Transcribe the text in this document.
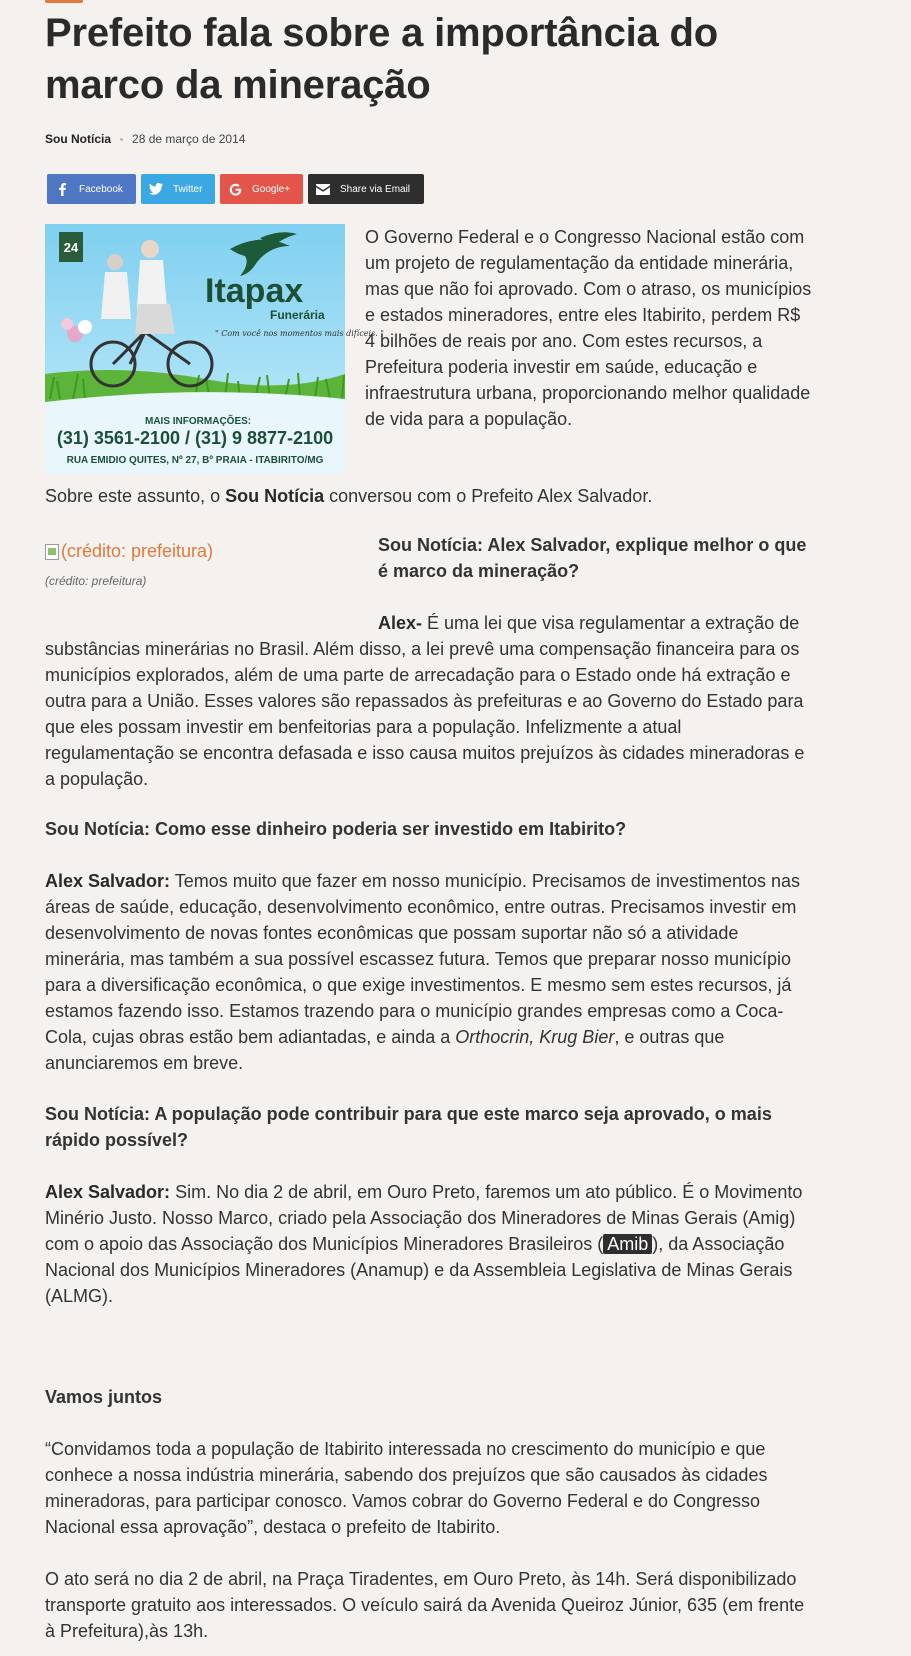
Prefeito fala sobre a importância do marco da mineração
Sou Notícia 28 de março de 2014
Facebook	Twitter	Google+	Share via Email
24
Itapax
Funerária
" Com você nos momentos mais difíceis. "
MAIS INFORMAÇÕES:
(31) 3561-2100 / (31) 9 8877-2100
RUA EMIDIO QUITES, Nº 27, Bº PRAIA - ITABIRITO/MG

O Governo Federal e o Congresso Nacional estão com um projeto de regulamentação da entidade minerária, mas que não foi aprovado. Com o atraso, os municípios e estados mineradores, entre eles Itabirito, perdem R$ 4 bilhões de reais por ano. Com estes recursos, a Prefeitura poderia investir em saúde, educação e infraestrutura urbana, proporcionando melhor qualidade de vida para a população.

Sobre este assunto, o Sou Notícia conversou com o Prefeito Alex Salvador.

(crédito: prefeitura)
(crédito: prefeitura)

Sou Notícia: Alex Salvador, explique melhor o que é marco da mineração?

Alex- É uma lei que visa regulamentar a extração de substâncias minerárias no Brasil. Além disso, a lei prevê uma compensação financeira para os municípios explorados, além de uma parte de arrecadação para o Estado onde há extração e outra para a União. Esses valores são repassados às prefeituras e ao Governo do Estado para que eles possam investir em benfeitorias para a população. Infelizmente a atual regulamentação se encontra defasada e isso causa muitos prejuízos às cidades mineradoras e a população.

Sou Notícia: Como esse dinheiro poderia ser investido em Itabirito?

Alex Salvador: Temos muito que fazer em nosso município. Precisamos de investimentos nas áreas de saúde, educação, desenvolvimento econômico, entre outras. Precisamos investir em desenvolvimento de novas fontes econômicas que possam suportar não só a atividade minerária, mas também a sua possível escassez futura. Temos que preparar nosso município para a diversificação econômica, o que exige investimentos. E mesmo sem estes recursos, já estamos fazendo isso. Estamos trazendo para o município grandes empresas como a Coca-Cola, cujas obras estão bem adiantadas, e ainda a Orthocrin, Krug Bier, e outras que anunciaremos em breve.

Sou Notícia: A população pode contribuir para que este marco seja aprovado, o mais rápido possível?

Alex Salvador: Sim. No dia 2 de abril, em Ouro Preto, faremos um ato público. É o Movimento Minério Justo. Nosso Marco, criado pela Associação dos Mineradores de Minas Gerais (Amig) com o apoio das Associação dos Municípios Mineradores Brasileiros ( Amib ), da Associação Nacional dos Municípios Mineradores (Anamup) e da Assembleia Legislativa de Minas Gerais (ALMG).

Vamos juntos

“Convidamos toda a população de Itabirito interessada no crescimento do município e que conhece a nossa indústria minerária, sabendo dos prejuízos que são causados às cidades mineradoras, para participar conosco. Vamos cobrar do Governo Federal e do Congresso Nacional essa aprovação”, destaca o prefeito de Itabirito.

O ato será no dia 2 de abril, na Praça Tiradentes, em Ouro Preto, às 14h. Será disponibilizado transporte gratuito aos interessados. O veículo sairá da Avenida Queiroz Júnior, 635 (em frente à Prefeitura),às 13h.
